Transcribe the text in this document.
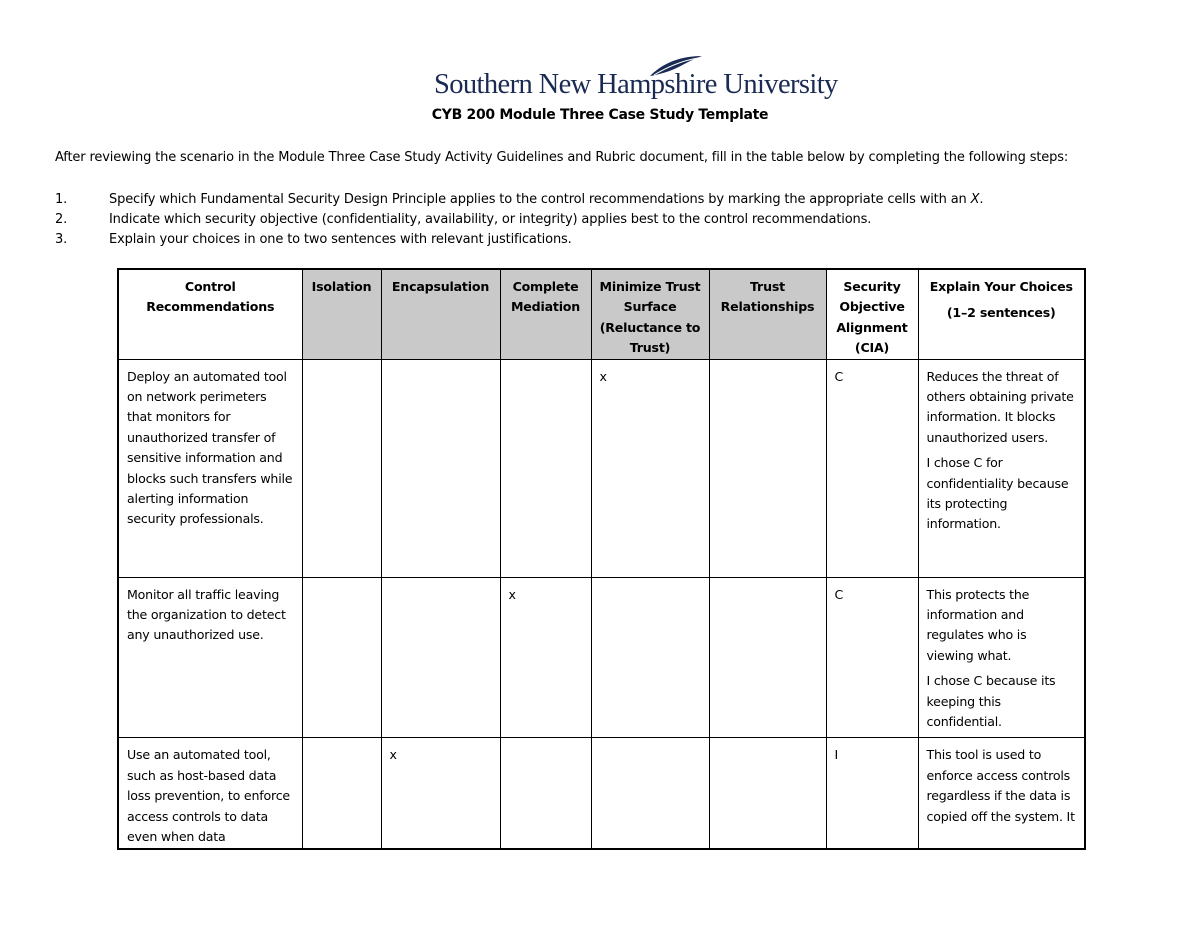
Southern New Hampshire University
CYB 200 Module Three Case Study Template
After reviewing the scenario in the Module Three Case Study Activity Guidelines and Rubric document, fill in the table below by completing the following steps:
1.	Specify which Fundamental Security Design Principle applies to the control recommendations by marking the appropriate cells with an X.
2.	Indicate which security objective (confidentiality, availability, or integrity) applies best to the control recommendations.
3.	Explain your choices in one to two sentences with relevant justifications.
Control Recommendations	Isolation	Encapsulation	Complete Mediation	Minimize Trust Surface (Reluctance to Trust)	Trust Relationships	Security Objective Alignment (CIA)	Explain Your Choices
(1–2 sentences)

Deploy an automated tool on network perimeters that monitors for unauthorized transfer of sensitive information and blocks such transfers while alerting information security professionals.				x		C	Reduces the threat of others obtaining private information. It blocks unauthorized users.

I chose C for confidentiality because its protecting information.

Monitor all traffic leaving the organization to detect any unauthorized use.			x			C	This protects the information and regulates who is viewing what.

I chose C because its keeping this confidential.

Use an automated tool, such as host-based data loss prevention, to enforce access controls to data even when data		x				I	This tool is used to enforce access controls regardless if the data is copied off the system. It
